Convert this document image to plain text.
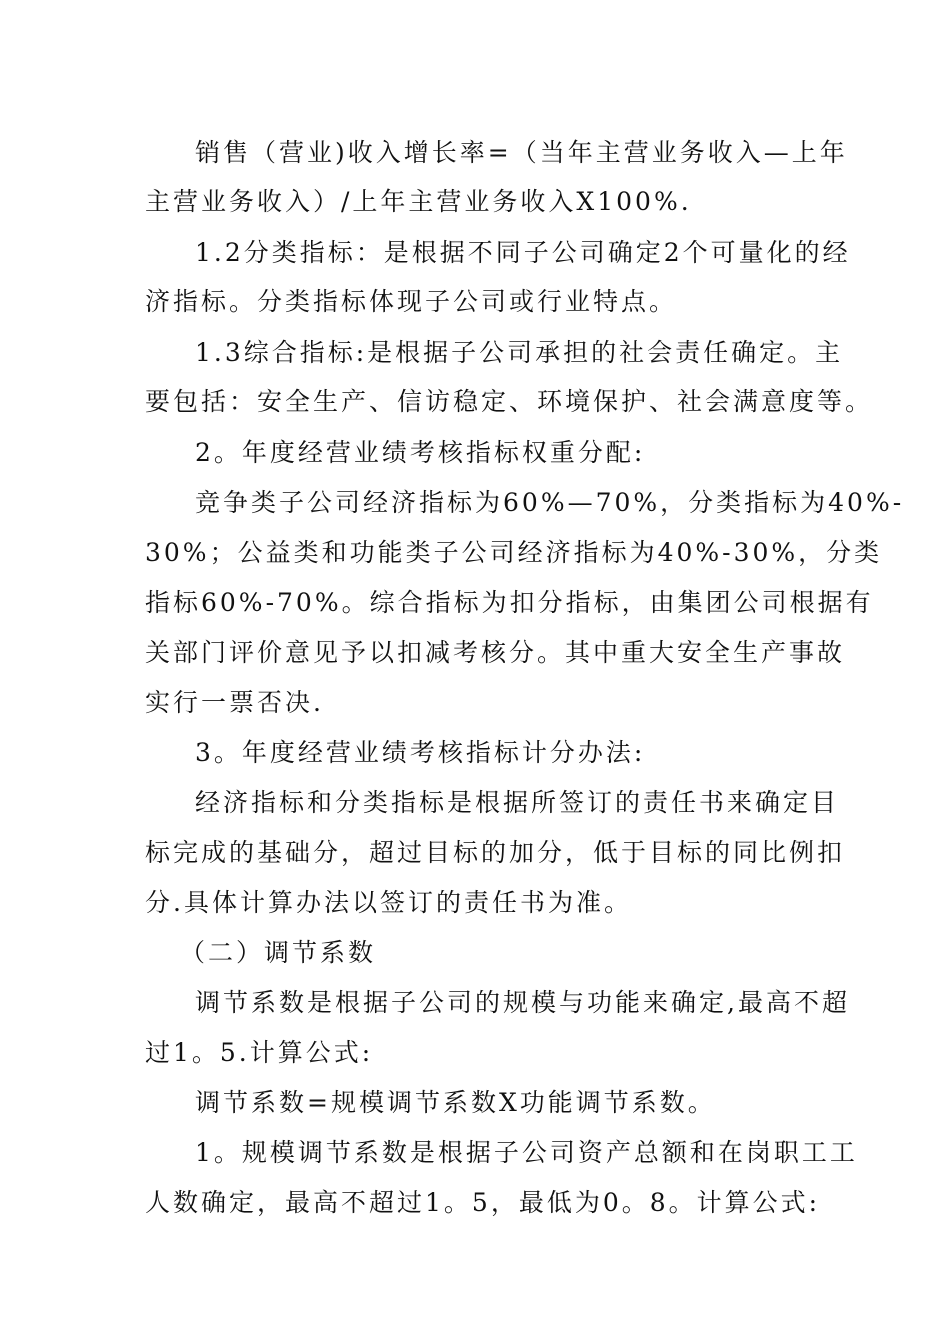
销售（营业)收入增长率=（当年主营业务收入—上年
主营业务收入）/上年主营业务收入X100%.
1.2分类指标：是根据不同子公司确定2个可量化的经
济指标。分类指标体现子公司或行业特点。
1.3综合指标:是根据子公司承担的社会责任确定。主
要包括：安全生产、信访稳定、环境保护、社会满意度等。
2。年度经营业绩考核指标权重分配:
竞争类子公司经济指标为60%—70%，分类指标为40%-
30%；公益类和功能类子公司经济指标为40%-30%，分类
指标60%-70%。综合指标为扣分指标，由集团公司根据有
关部门评价意见予以扣减考核分。其中重大安全生产事故
实行一票否决.
3。年度经营业绩考核指标计分办法:
经济指标和分类指标是根据所签订的责任书来确定目
标完成的基础分，超过目标的加分，低于目标的同比例扣
分.具体计算办法以签订的责任书为准。
（二）调节系数
调节系数是根据子公司的规模与功能来确定,最高不超
过1。5.计算公式:
调节系数=规模调节系数X功能调节系数。
1。规模调节系数是根据子公司资产总额和在岗职工工
人数确定，最高不超过1。5，最低为0。8。计算公式:
